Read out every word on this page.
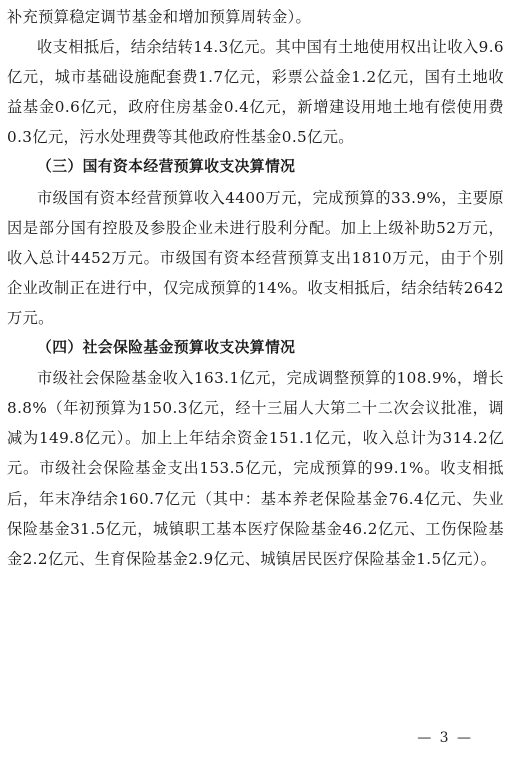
补充预算稳定调节基金和增加预算周转金）。

收支相抵后，结余结转14.3亿元。其中国有土地使用权出让收入9.6亿元，城市基础设施配套费1.7亿元，彩票公益金1.2亿元，国有土地收益基金0.6亿元，政府住房基金0.4亿元，新增建设用地土地有偿使用费0.3亿元，污水处理费等其他政府性基金0.5亿元。

（三）国有资本经营预算收支决算情况

市级国有资本经营预算收入4400万元，完成预算的33.9%，主要原因是部分国有控股及参股企业未进行股利分配。加上上级补助52万元，收入总计4452万元。市级国有资本经营预算支出1810万元，由于个别企业改制正在进行中，仅完成预算的14%。收支相抵后，结余结转2642万元。

（四）社会保险基金预算收支决算情况

市级社会保险基金收入163.1亿元，完成调整预算的108.9%，增长8.8%（年初预算为150.3亿元，经十三届人大第二十二次会议批准，调减为149.8亿元）。加上上年结余资金151.1亿元，收入总计为314.2亿元。市级社会保险基金支出153.5亿元，完成预算的99.1%。收支相抵后，年末净结余160.7亿元（其中：基本养老保险基金76.4亿元、失业保险基金31.5亿元，城镇职工基本医疗保险基金46.2亿元、工伤保险基金2.2亿元、生育保险基金2.9亿元、城镇居民医疗保险基金1.5亿元）。

— 3 —
